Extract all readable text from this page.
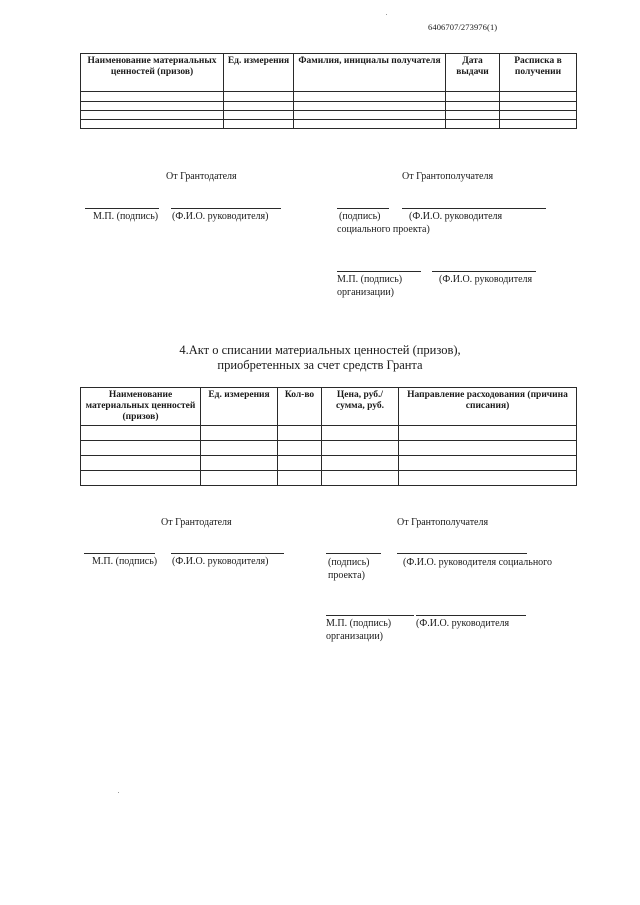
6406707/273976(1)
Наименование материальных ценностей (призов)	Ед. измерения	Фамилия, инициалы получателя	Дата выдачи	Расписка в получении

От Грантодателя	От Грантополучателя
М.П. (подпись) (Ф.И.О. руководителя)	(подпись)	(Ф.И.О. руководителя
социального проекта)
М.П. (подпись)	(Ф.И.О. руководителя
организации)
4.Акт о списании материальных ценностей (призов),
приобретенных за счет средств Гранта
Наименование материальных ценностей (призов)	Ед. измерения	Кол-во	Цена, руб./ сумма, руб.	Направление расходования (причина списания)

От Грантодателя	От Грантополучателя
М.П. (подпись) (Ф.И.О. руководителя)	(подпись)	(Ф.И.О. руководителя социального
проекта)
М.П. (подпись) (Ф.И.О. руководителя
организации)
